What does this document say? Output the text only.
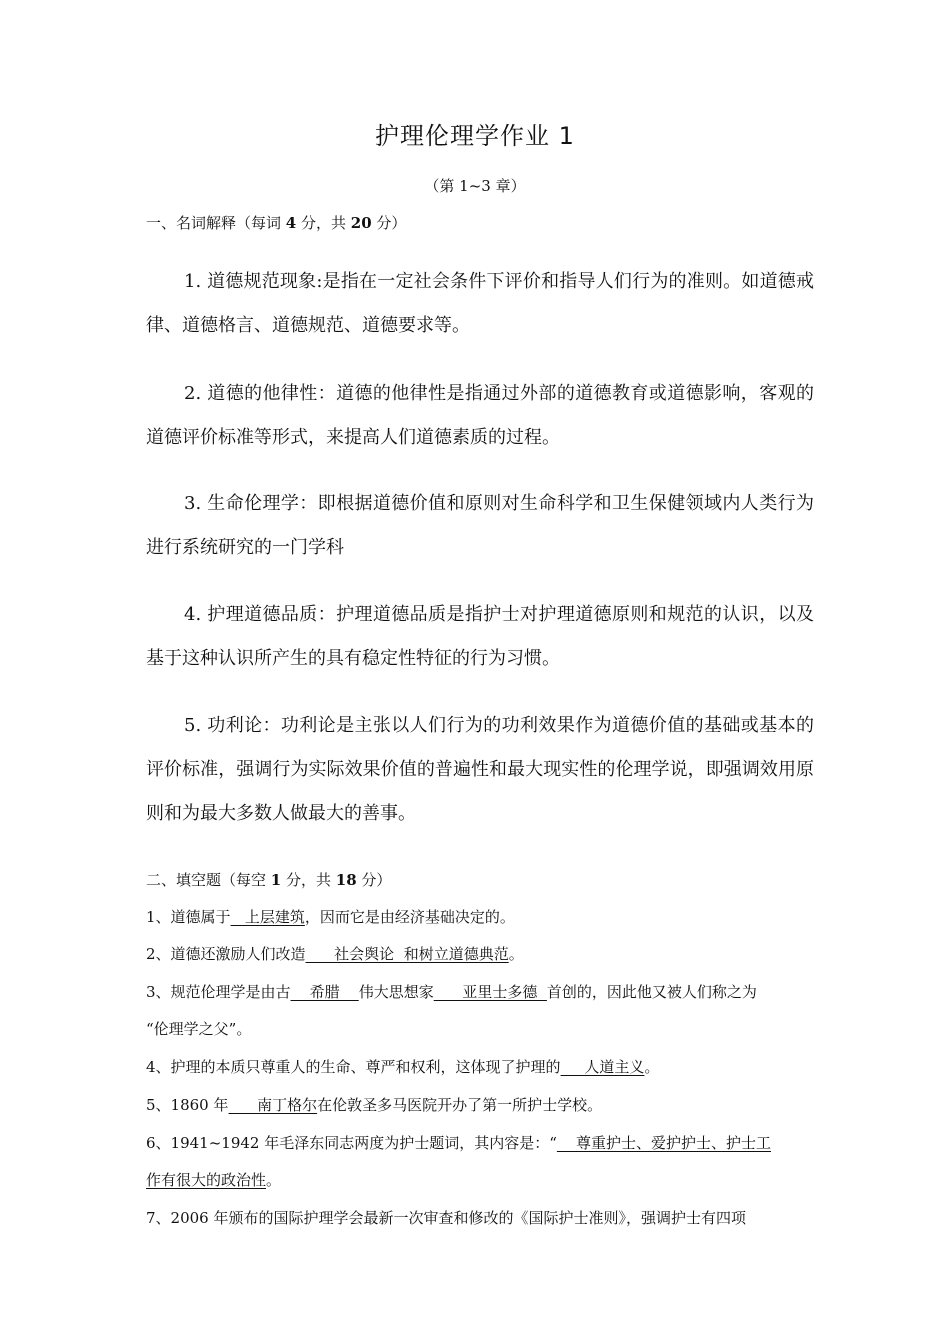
护理伦理学作业 1
（第 1~3 章）
一、名词解释（每词 4 分，共 20 分）
1. 道德规范现象:是指在一定社会条件下评价和指导人们行为的准则。如道德戒律、道德格言、道德规范、道德要求等。
2. 道德的他律性：道德的他律性是指通过外部的道德教育或道德影响，客观的道德评价标准等形式，来提高人们道德素质的过程。
3. 生命伦理学：即根据道德价值和原则对生命科学和卫生保健领域内人类行为进行系统研究的一门学科
4. 护理道德品质：护理道德品质是指护士对护理道德原则和规范的认识，以及基于这种认识所产生的具有稳定性特征的行为习惯。
5. 功利论：功利论是主张以人们行为的功利效果作为道德价值的基础或基本的评价标准，强调行为实际效果价值的普遍性和最大现实性的伦理学说，即强调效用原则和为最大多数人做最大的善事。
二、填空题（每空 1 分，共 18 分）
1、道德属于   上层建筑，因而它是由经济基础决定的。
2、道德还激励人们改造      社会舆论  和树立道德典范。
3、规范伦理学是由古    希腊    伟大思想家      亚里士多德  首创的，因此他又被人们称之为
“伦理学之父”。
4、护理的本质只尊重人的生命、尊严和权利，这体现了护理的     人道主义。
5、1860 年      南丁格尔在伦敦圣多马医院开办了第一所护士学校。
6、1941~1942 年毛泽东同志两度为护士题词，其内容是：“    尊重护士、爱护护士、护士工
作有很大的政治性。
7、2006 年颁布的国际护理学会最新一次审查和修改的《国际护士准则》，强调护士有四项
